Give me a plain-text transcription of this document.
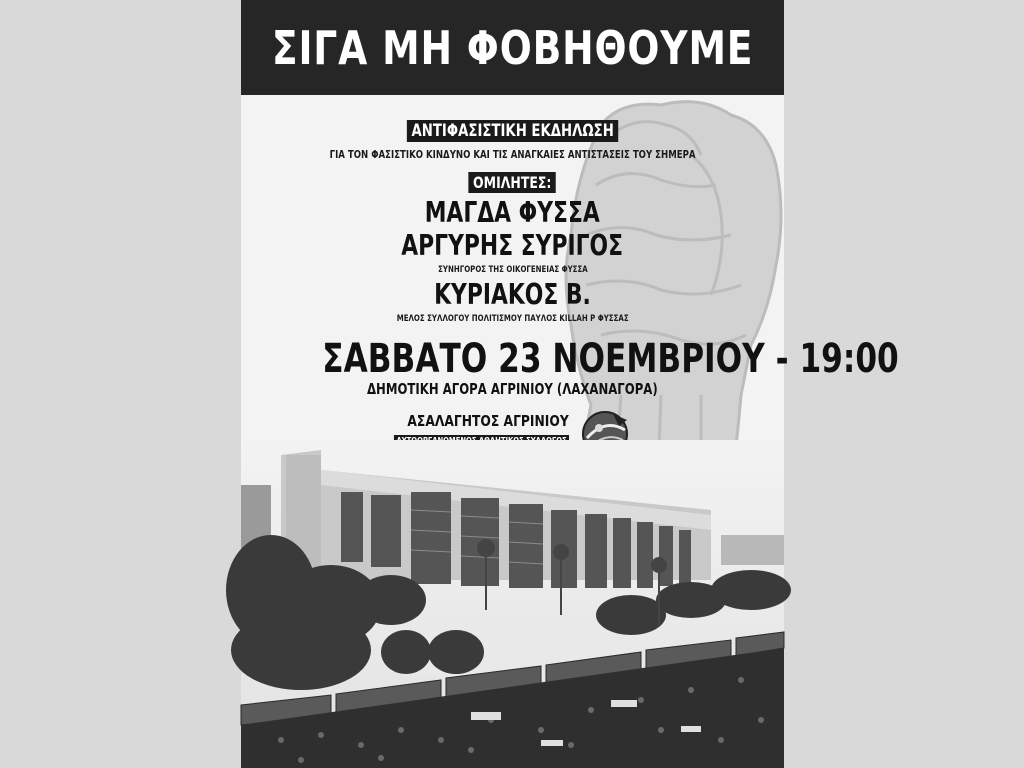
ΣΙΓΑ ΜΗ ΦΟΒΗΘΟΥΜΕ
ΑΝΤΙΦΑΣΙΣΤΙΚΗ ΕΚΔΗΛΩΣΗ
ΓΙΑ ΤΟΝ ΦΑΣΙΣΤΙΚΟ ΚΙΝΔΥΝΟ ΚΑΙ ΤΙΣ ΑΝΑΓΚΑΙΕΣ ΑΝΤΙΣΤΑΣΕΙΣ ΤΟΥ ΣΗΜΕΡΑ
ΟΜΙΛΗΤΕΣ:
ΜΑΓΔΑ ΦΥΣΣΑ
ΑΡΓΥΡΗΣ ΣΥΡΙΓΟΣ
ΣΥΝΗΓΟΡΟΣ ΤΗΣ ΟΙΚΟΓΕΝΕΙΑΣ ΦΥΣΣΑ
ΚΥΡΙΑΚΟΣ Β.
ΜΕΛΟΣ ΣΥΛΛΟΓΟΥ ΠΟΛΙΤΙΣΜΟΥ ΠΑΥΛΟΣ KILLAH P ΦΥΣΣΑΣ
ΣΑΒΒΑΤΟ 23 ΝΟΕΜΒΡΙΟΥ - 19:00
ΔΗΜΟΤΙΚΗ ΑΓΟΡΑ ΑΓΡΙΝΙΟΥ (ΛΑΧΑΝΑΓΟΡΑ)
ΑΣΑΛΑΓΗΤΟΣ ΑΓΡΙΝΙΟΥ
